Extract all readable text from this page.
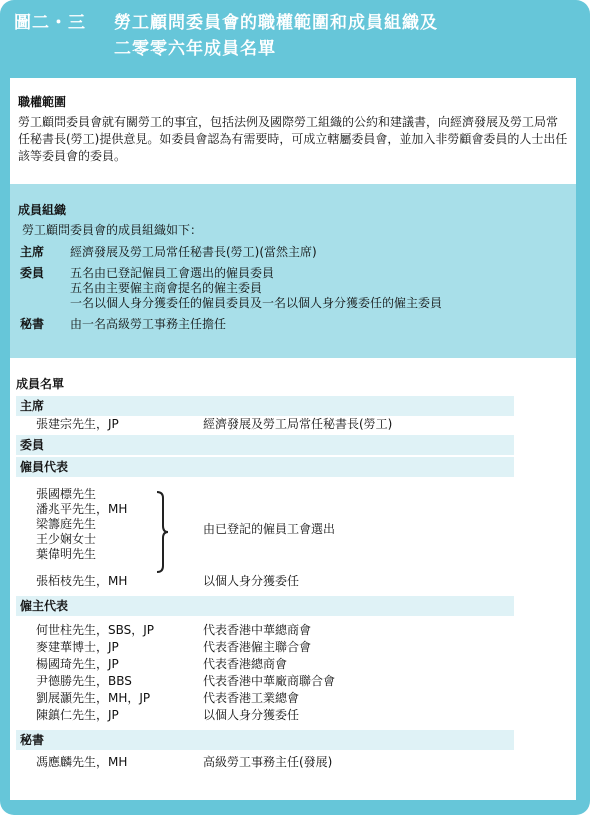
圖二・三 勞工顧問委員會的職權範圍和成員組織及
二零零六年成員名單
職權範圍
勞工顧問委員會就有關勞工的事宜，包括法例及國際勞工組織的公約和建議書，向經濟發展及勞工局常任秘書長(勞工)提供意見。如委員會認為有需要時，可成立轄屬委員會，並加入非勞顧會委員的人士出任該等委員會的委員。
成員組織
勞工顧問委員會的成員組織如下：
主席	經濟發展及勞工局常任秘書長(勞工)(當然主席)
委員	五名由已登記僱員工會選出的僱員委員
五名由主要僱主商會提名的僱主委員
一名以個人身分獲委任的僱員委員及一名以個人身分獲委任的僱主委員
秘書	由一名高級勞工事務主任擔任
成員名單
主席
張建宗先生，JP	經濟發展及勞工局常任秘書長(勞工)
委員
僱員代表
張國標先生
潘兆平先生，MH
梁籌庭先生
王少娴女士
葉偉明先生
由已登記的僱員工會選出
張栢枝先生，MH	以個人身分獲委任
僱主代表
何世柱先生，SBS，JP	代表香港中華總商會
麥建華博士，JP	代表香港僱主聯合會
楊國琦先生，JP	代表香港總商會
尹德勝先生，BBS	代表香港中華廠商聯合會
劉展灝先生，MH，JP	代表香港工業總會
陳鎮仁先生，JP	以個人身分獲委任
秘書
馮應麟先生，MH	高級勞工事務主任(發展)
